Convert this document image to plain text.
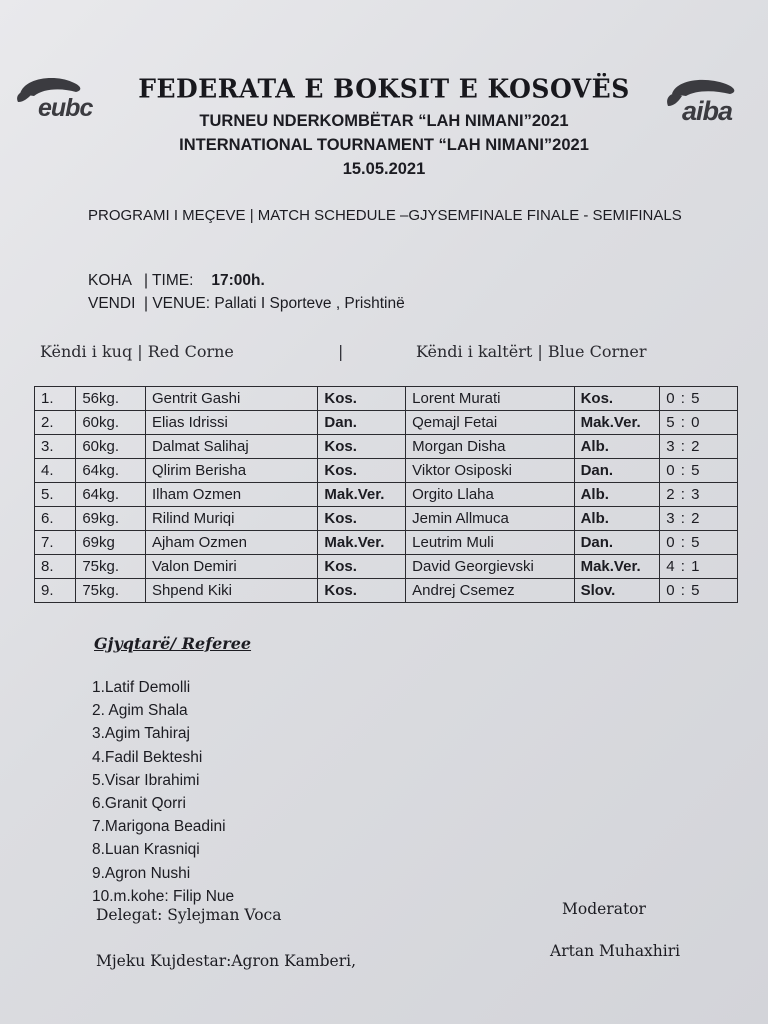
eubc	aiba
FEDERATA E BOKSIT E KOSOVËS
TURNEU NDERKOMBËTAR “LAH NIMANI”2021
INTERNATIONAL TOURNAMENT “LAH NIMANI”2021
15.05.2021
PROGRAMI I MEÇEVE | MATCH SCHEDULE –GJYSEMFINALE FINALE - SEMIFINALS
KOHA   | TIME: 17:00h.
VENDI  | VENUE: Pallati I Sporteve , Prishtinë
Këndi i kuq | Red Corne	|	Këndi i kaltërt | Blue Corner
1.	56kg.	Gentrit Gashi	Kos.	Lorent Murati	Kos.	0 : 5
2.	60kg.	Elias Idrissi	Dan.	Qemajl Fetai	Mak.Ver.	5 : 0
3.	60kg.	Dalmat Salihaj	Kos.	Morgan Disha	Alb.	3 : 2
4.	64kg.	Qlirim Berisha	Kos.	Viktor Osiposki	Dan.	0 : 5
5.	64kg.	Ilham Ozmen	Mak.Ver.	Orgito Llaha	Alb.	2 : 3
6.	69kg.	Rilind Muriqi	Kos.	Jemin Allmuca	Alb.	3 : 2
7.	69kg	Ajham Ozmen	Mak.Ver.	Leutrim Muli	Dan.	0 : 5
8.	75kg.	Valon Demiri	Kos.	David Georgievski	Mak.Ver.	4 : 1
9.	75kg.	Shpend Kiki	Kos.	Andrej Csemez	Slov.	0 : 5
Gjyqtarë/ Referee
1.Latif Demolli
2. Agim Shala
3.Agim Tahiraj
4.Fadil Bekteshi
5.Visar Ibrahimi
6.Granit Qorri
7.Marigona Beadini
8.Luan Krasniqi
9.Agron Nushi
10.m.kohe: Filip Nue
Delegat: Sylejman Voca
Mjeku Kujdestar:Agron Kamberi,
Moderator
Artan Muhaxhiri
